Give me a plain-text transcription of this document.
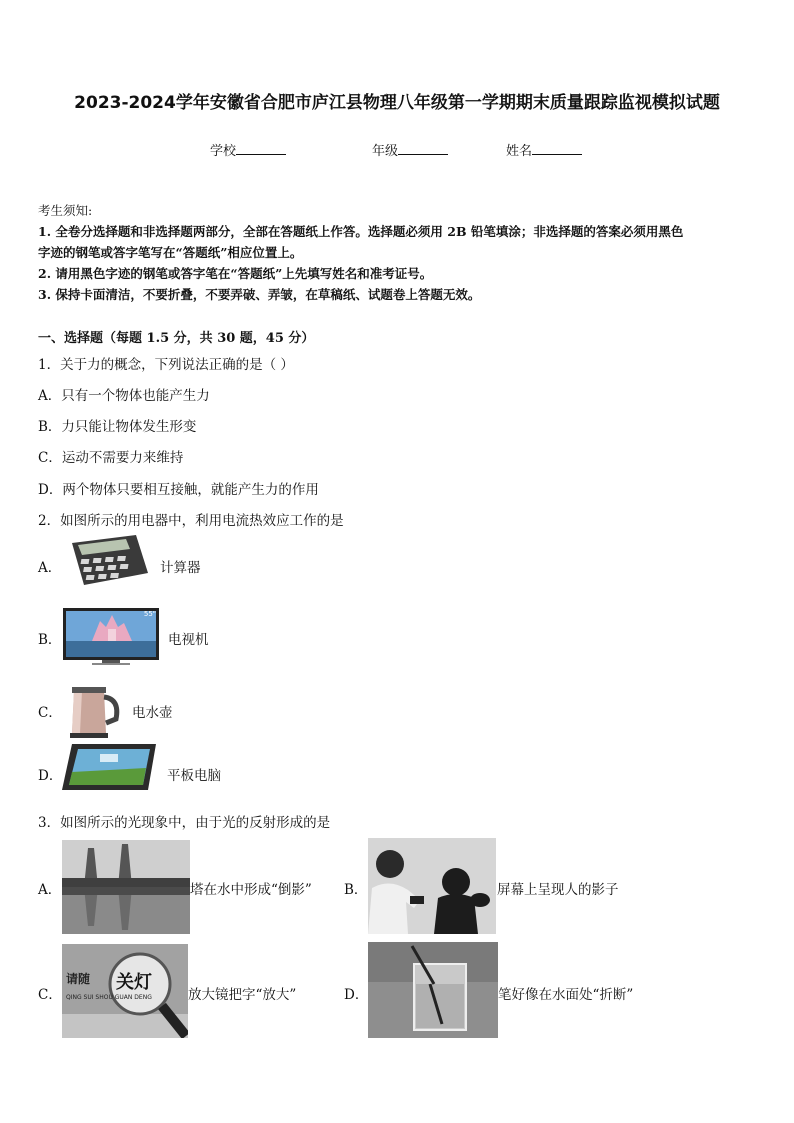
2023-2024学年安徽省合肥市庐江县物理八年级第一学期期末质量跟踪监视模拟试题
学校	年级	姓名
考生须知:
1. 全卷分选择题和非选择题两部分，全部在答题纸上作答。选择题必须用 2B 铅笔填涂；非选择题的答案必须用黑色
字迹的钢笔或答字笔写在“答题纸”相应位置上。
2. 请用黑色字迹的钢笔或答字笔在“答题纸”上先填写姓名和准考证号。
3. 保持卡面清洁，不要折叠，不要弄破、弄皱，在草稿纸、试题卷上答题无效。
一、选择题（每题 1.5 分，共 30 题，45 分）
1．关于力的概念，下列说法正确的是（ ）
A．只有一个物体也能产生力
B．力只能让物体发生形变
C．运动不需要力来维持
D．两个物体只要相互接触，就能产生力的作用
2．如图所示的用电器中，利用电流热效应工作的是
A．	计算器
B．
55"
电视机
C．	电水壶
D．	平板电脑
3．如图所示的光现象中，由于光的反射形成的是
A．	塔在水中形成“倒影” B．	屏幕上呈现人的影子
C．
请随 关灯
QING SUI SHOU GUAN DENG	放大镜把字“放大”	D．	笔好像在水面处“折断”
